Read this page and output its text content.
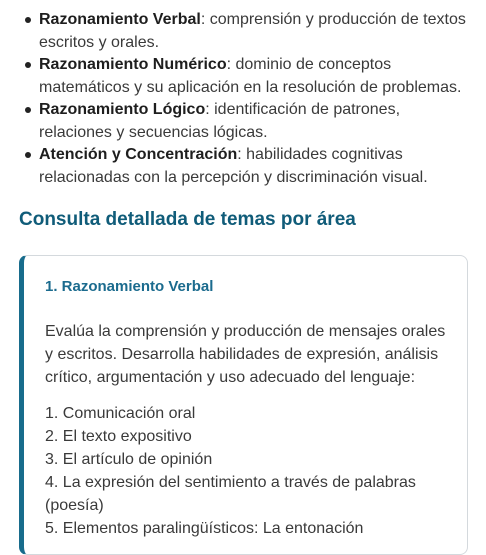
Razonamiento Verbal: comprensión y producción de textos escritos y orales.
Razonamiento Numérico: dominio de conceptos matemáticos y su aplicación en la resolución de problemas.
Razonamiento Lógico: identificación de patrones, relaciones y secuencias lógicas.
Atención y Concentración: habilidades cognitivas relacionadas con la percepción y discriminación visual.
Consulta detallada de temas por área
1. Razonamiento Verbal

Evalúa la comprensión y producción de mensajes orales y escritos. Desarrolla habilidades de expresión, análisis crítico, argumentación y uso adecuado del lenguaje:

1. Comunicación oral
2. El texto expositivo
3. El artículo de opinión
4. La expresión del sentimiento a través de palabras (poesía)
5. Elementos paralingüísticos: La entonación
